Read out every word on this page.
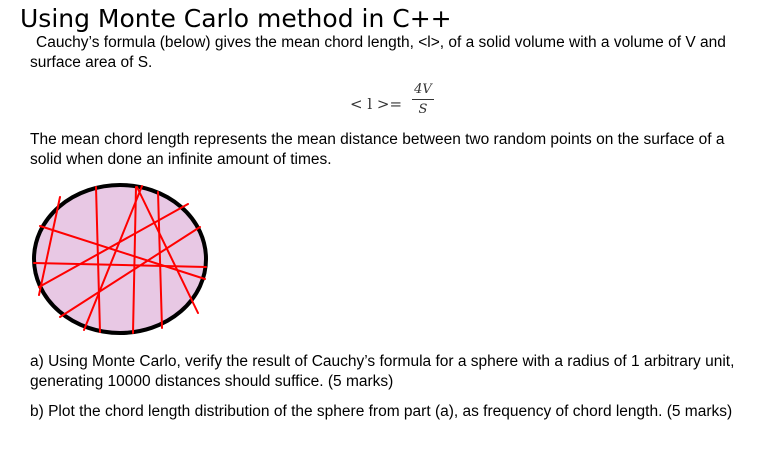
Using Monte Carlo method in C++

Cauchy’s formula (below) gives the mean chord length, <l>, of a solid volume with a volume of V and surface area of S.

< l >=
4V
S

The mean chord length represents the mean distance between two random points on the surface of a solid when done an infinite amount of times.

a) Using Monte Carlo, verify the result of Cauchy’s formula for a sphere with a radius of 1 arbitrary unit, generating 10000 distances should suffice. (5 marks)

b) Plot the chord length distribution of the sphere from part (a), as frequency of chord length. (5 marks)
